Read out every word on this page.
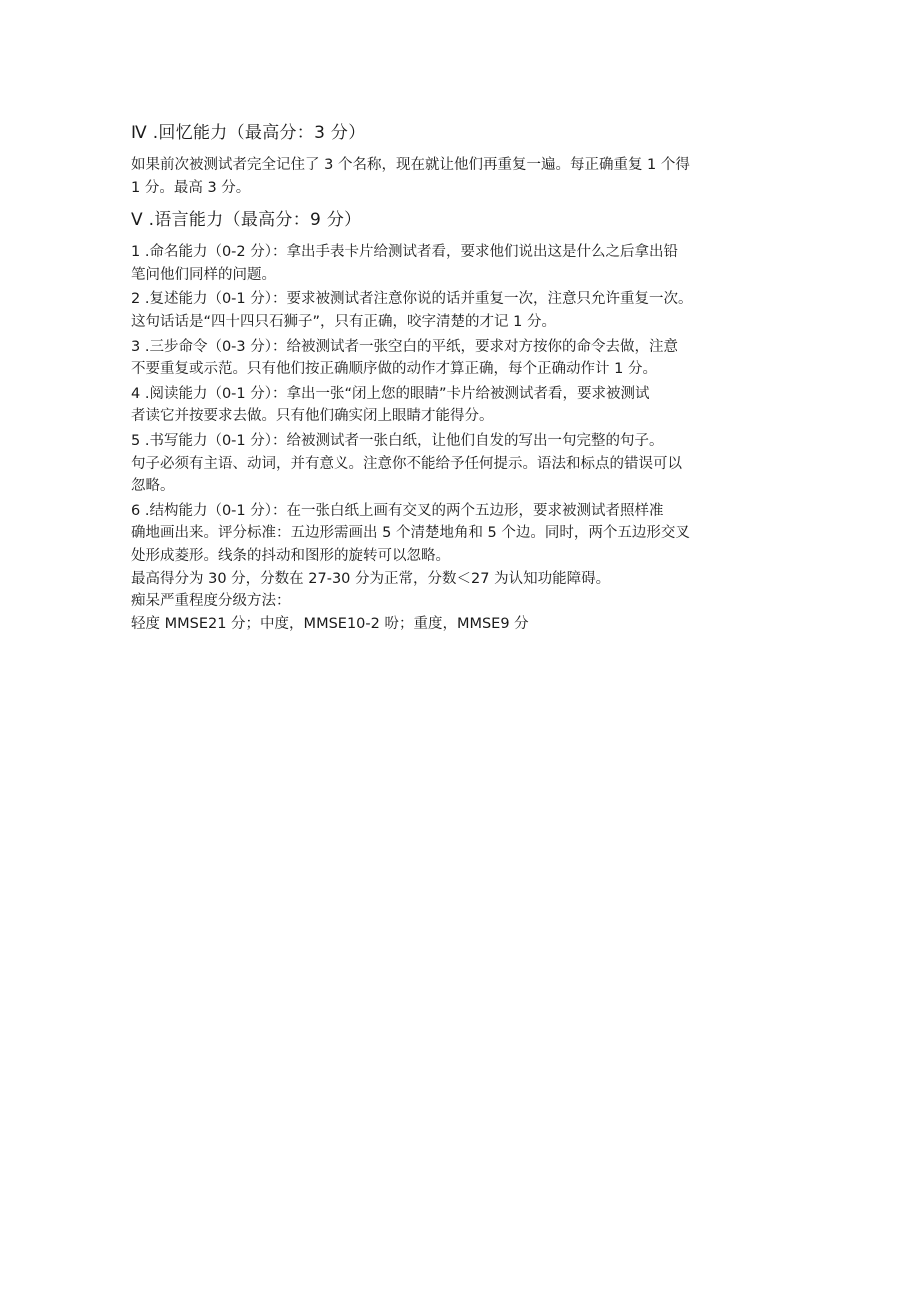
Ⅳ .回忆能力（最高分：3 分）

如果前次被测试者完全记住了 3 个名称，现在就让他们再重复一遍。每正确重复 1 个得

1 分。最高 3 分。

Ⅴ .语言能力（最高分：9 分）

1 .命名能力（0-2 分）：拿出手表卡片给测试者看，要求他们说出这是什么之后拿出铅

笔问他们同样的问题。

2 .复述能力（0-1 分）：要求被测试者注意你说的话并重复一次，注意只允许重复一次。

这句话话是“四十四只石狮子”，只有正确，咬字清楚的才记 1 分。

3 .三步命令（0-3 分）：给被测试者一张空白的平纸，要求对方按你的命令去做，注意

不要重复或示范。只有他们按正确顺序做的动作才算正确，每个正确动作计 1 分。

4 .阅读能力（0-1 分）：拿出一张“闭上您的眼睛”卡片给被测试者看，要求被测试

者读它并按要求去做。只有他们确实闭上眼睛才能得分。

5 .书写能力（0-1 分）：给被测试者一张白纸，让他们自发的写出一句完整的句子。

句子必须有主语、动词，并有意义。注意你不能给予任何提示。语法和标点的错误可以

忽略。

6 .结构能力（0-1 分）：在一张白纸上画有交叉的两个五边形，要求被测试者照样准

确地画出来。评分标准：五边形需画出 5 个清楚地角和 5 个边。同时，两个五边形交叉

处形成菱形。线条的抖动和图形的旋转可以忽略。

最高得分为 30 分，分数在 27-30 分为正常，分数＜27 为认知功能障碍。

痴呆严重程度分级方法：

轻度 MMSE21 分；中度，MMSE10-2 吩；重度，MMSE9 分
